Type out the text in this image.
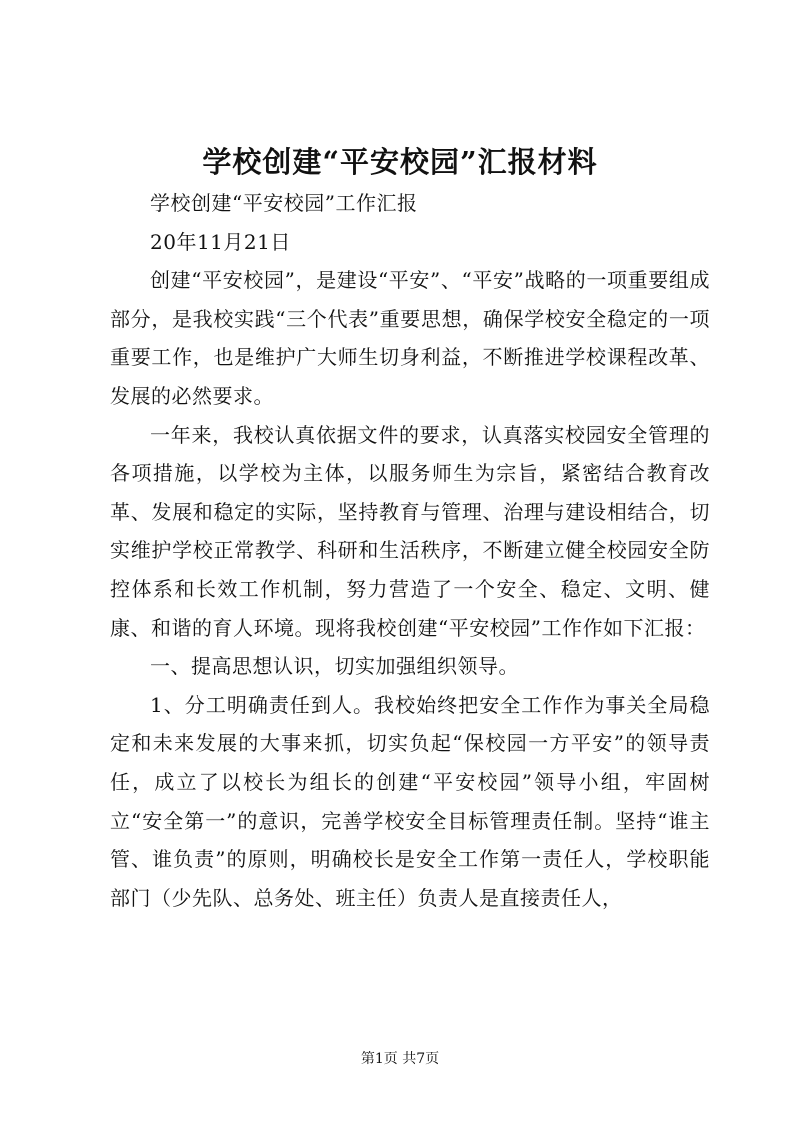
学校创建“平安校园”汇报材料

学校创建“平安校园”工作汇报

20年11月21日

创建“平安校园”，是建设“平安”、“平安”战略的一项重要组成部分，是我校实践“三个代表”重要思想，确保学校安全稳定的一项重要工作，也是维护广大师生切身利益，不断推进学校课程改革、发展的必然要求。

一年来，我校认真依据文件的要求，认真落实校园安全管理的各项措施，以学校为主体，以服务师生为宗旨，紧密结合教育改革、发展和稳定的实际，坚持教育与管理、治理与建设相结合，切实维护学校正常教学、科研和生活秩序，不断建立健全校园安全防控体系和长效工作机制，努力营造了一个安全、稳定、文明、健康、和谐的育人环境。现将我校创建“平安校园”工作作如下汇报：

一、提高思想认识，切实加强组织领导。

1、分工明确责任到人。我校始终把安全工作作为事关全局稳定和未来发展的大事来抓，切实负起“保校园一方平安”的领导责任，成立了以校长为组长的创建“平安校园”领导小组，牢固树立“安全第一”的意识，完善学校安全目标管理责任制。坚持“谁主管、谁负责”的原则，明确校长是安全工作第一责任人，学校职能部门（少先队、总务处、班主任）负责人是直接责任人，

第1页 共7页
